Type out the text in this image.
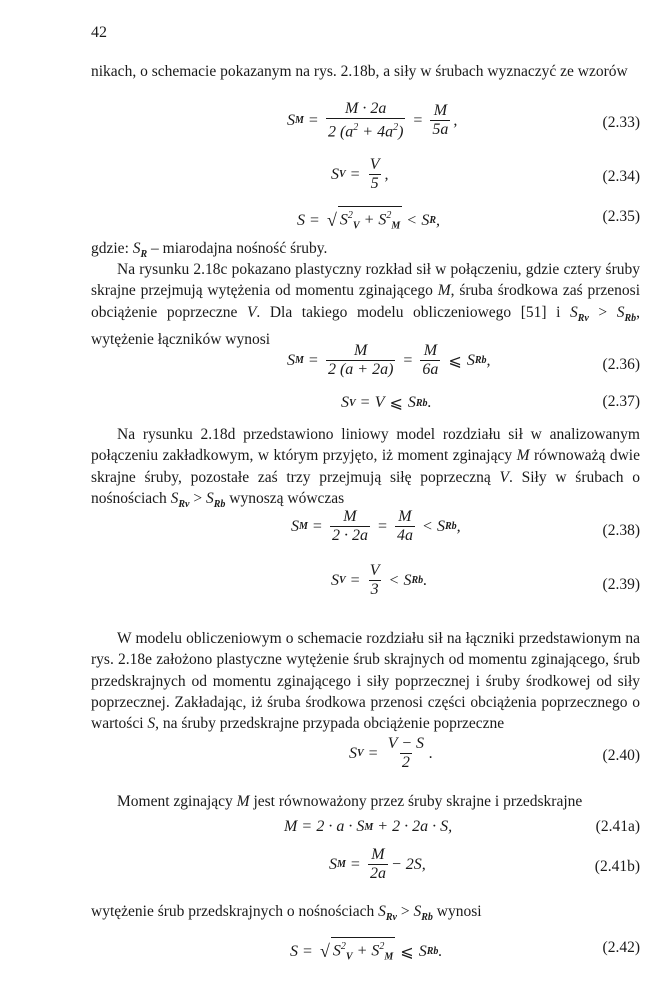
42
nikach, o schemacie pokazanym na rys. 2.18b, a siły w śrubach wyznaczyć ze wzorów
S $M = \frac{M \cdot 2a}{2 (a^2 + 4a^2)} = \frac{M}{5a}$ ,	(2.33)
S $V = \frac{V}{5}$ ,	(2.34)
S = √ $S^2_V + S^2_M < S$ R ,	(2.35)
gdzie: $S_R$ – miarodajna nośność śruby.
Na rysunku 2.18c pokazano plastyczny rozkład sił w połączeniu, gdzie cztery śruby skrajne przejmują wytężenia od momentu zginającego M, śruba środkowa zaś przenosi obciążenie poprzeczne V. Dla takiego modelu obliczeniowego [51] i $S_{Rv} > S_{Rb}$, wytężenie łączników wynosi
S $M = \frac{M}{2 (a + 2a)} = \frac{M}{6a}$ ⩽ S Rb ,	(2.36)
S V = V ⩽ S Rb .	(2.37)
Na rysunku 2.18d przedstawiono liniowy model rozdziału sił w analizowanym połączeniu zakładkowym, w którym przyjęto, iż moment zginający M równoważą dwie skrajne śruby, pozostałe zaś trzy przejmują siłę poprzeczną V. Siły w śrubach o nośnościach $S_{Rv} > S_{Rb}$ wynoszą wówczas
S $M = \frac{M}{2 \cdot 2a} = \frac{M}{4a} < S$ Rb ,	(2.38)
S $V = \frac{V}{3} < S$ Rb .	(2.39)
W modelu obliczeniowym o schemacie rozdziału sił na łączniki przedstawionym na rys. 2.18e założono plastyczne wytężenie śrub skrajnych od momentu zginającego, śrub przedskrajnych od momentu zginającego i siły poprzecznej i śruby środkowej od siły poprzecznej. Zakładając, iż śruba środkowa przenosi części obciążenia poprzecznego o wartości S, na śruby przedskrajne przypada obciążenie poprzeczne
S $V = \frac{V - S}{2}$ .	(2.40)
Moment zginający M jest równoważony przez śruby skrajne i przedskrajne
M = 2 · a · S M + 2 · 2a · S,	(2.41a)
S $M = \frac{M}{2a} - 2S$,	(2.41b)
wytężenie śrub przedskrajnych o nośnościach $S_{Rv} > S_{Rb}$ wynosi
S = √ $S^2_V + S^2_M$ ⩽ S Rb .	(2.42)
